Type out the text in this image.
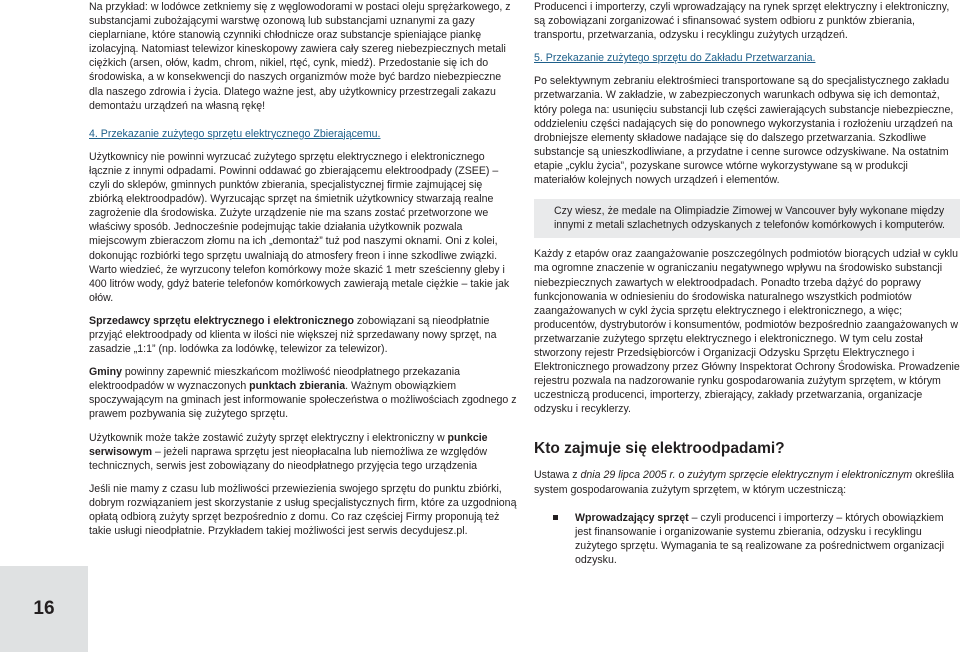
Na przykład: w lodówce zetkniemy się z węglowodorami w postaci oleju sprężarkowego, z substancjami zubożającymi warstwę ozonową lub substancjami uznanymi za gazy cieplarniane, które stanowią czynniki chłodnicze oraz substancje spieniające piankę izolacyjną. Natomiast telewizor kineskopowy zawiera cały szereg niebezpiecznych metali ciężkich (arsen, ołów, kadm, chrom, nikiel, rtęć, cynk, miedź). Przedostanie się ich do środowiska, a w konsekwencji do naszych organizmów może być bardzo niebezpieczne dla naszego zdrowia i życia. Dlatego ważne jest, aby użytkownicy przestrzegali zakazu demontażu urządzeń na własną rękę!

4. Przekazanie zużytego sprzętu elektrycznego Zbierającemu.

Użytkownicy nie powinni wyrzucać zużytego sprzętu elektrycznego i elektronicznego łącznie z innymi odpadami. Powinni oddawać go zbierającemu elektroodpady (ZSEE) – czyli do sklepów, gminnych punktów zbierania, specjalistycznej firmie zajmującej się zbiórką elektroodpadów). Wyrzucając sprzęt na śmietnik użytkownicy stwarzają realne zagrożenie dla środowiska. Zużyte urządzenie nie ma szans zostać przetworzone we właściwy sposób. Jednocześnie podejmując takie działania użytkownik pozwala miejscowym zbieraczom złomu na ich „demontaż” tuż pod naszymi oknami. Oni z kolei, dokonując rozbiórki tego sprzętu uwalniają do atmosfery freon i inne szkodliwe związki. Warto wiedzieć, że wyrzucony telefon komórkowy może skazić 1 metr sześcienny gleby i 400 litrów wody, gdyż baterie telefonów komórkowych zawierają metale ciężkie – takie jak ołów.

Sprzedawcy sprzętu elektrycznego i elektronicznego zobowiązani są nieodpłatnie przyjąć elektroodpady od klienta w ilości nie większej niż sprzedawany nowy sprzęt, na zasadzie „1:1” (np. lodówka za lodówkę, telewizor za telewizor).

Gminy powinny zapewnić mieszkańcom możliwość nieodpłatnego przekazania elektroodpadów w wyznaczonych punktach zbierania. Ważnym obowiązkiem spoczywającym na gminach jest informowanie społeczeństwa o możliwościach zgodnego z prawem pozbywania się zużytego sprzętu.

Użytkownik może także zostawić zużyty sprzęt elektryczny i elektroniczny w punkcie serwisowym – jeżeli naprawa sprzętu jest nieopłacalna lub niemożliwa ze względów technicznych, serwis jest zobowiązany do nieodpłatnego przyjęcia tego urządzenia

Jeśli nie mamy z czasu lub możliwości przewiezienia swojego sprzętu do punktu zbiórki, dobrym rozwiązaniem jest skorzystanie z usług specjalistycznych firm, które za uzgodnioną opłatą odbiorą zużyty sprzęt bezpośrednio z domu. Co raz częściej Firmy proponują też takie usługi nieodpłatnie. Przykładem takiej możliwości jest serwis decydujesz.pl.

Producenci i importerzy, czyli wprowadzający na rynek sprzęt elektryczny i elektroniczny, są zobowiązani zorganizować i sfinansować system odbioru z punktów zbierania, transportu, przetwarzania, odzysku i recyklingu zużytych urządzeń.

5. Przekazanie zużytego sprzętu do Zakładu Przetwarzania.

Po selektywnym zebraniu elektrośmieci transportowane są do specjalistycznego zakładu przetwarzania. W zakładzie, w zabezpieczonych warunkach odbywa się ich demontaż, który polega na: usunięciu substancji lub części zawierających substancje niebezpieczne, oddzieleniu części nadających się do ponownego wykorzystania i rozłożeniu urządzeń na drobniejsze elementy składowe nadające się do dalszego przetwarzania. Szkodliwe substancje są unieszkodliwiane, a przydatne i cenne surowce odzyskiwane. Na ostatnim etapie „cyklu życia”, pozyskane surowce wtórne wykorzystywane są w produkcji materiałów kolejnych nowych urządzeń i elementów.

Czy wiesz, że medale na Olimpiadzie Zimowej w Vancouver były wykonane między innymi z metali szlachetnych odzyskanych z telefonów komórkowych i komputerów.

Każdy z etapów oraz zaangażowanie poszczególnych podmiotów biorących udział w cyklu ma ogromne znaczenie w ograniczaniu negatywnego wpływu na środowisko substancji niebezpiecznych zawartych w elektroodpadach. Ponadto trzeba dążyć do poprawy funkcjonowania w odniesieniu do środowiska naturalnego wszystkich podmiotów zaangażowanych w cykl życia sprzętu elektrycznego i elektronicznego, a więc; producentów, dystrybutorów i konsumentów, podmiotów bezpośrednio zaangażowanych w przetwarzanie zużytego sprzętu elektrycznego i elektronicznego. W tym celu został stworzony rejestr Przedsiębiorców i Organizacji Odzysku Sprzętu Elektrycznego i Elektronicznego prowadzony przez Główny Inspektorat Ochrony Środowiska. Prowadzenie rejestru pozwala na nadzorowanie rynku gospodarowania zużytym sprzętem, w którym uczestniczą producenci, importerzy, zbierający, zakłady przetwarzania, organizacje odzysku i recyklerzy.

Kto zajmuje się elektroodpadami?

Ustawa z dnia 29 lipca 2005 r. o zużytym sprzęcie elektrycznym i elektronicznym określiła system gospodarowania zużytym sprzętem, w którym uczestniczą:

Wprowadzający sprzęt – czyli producenci i importerzy – których obowiązkiem jest finansowanie i organizowanie systemu zbierania, odzysku i recyklingu zużytego sprzętu. Wymagania te są realizowane za pośrednictwem organizacji odzysku.
16
